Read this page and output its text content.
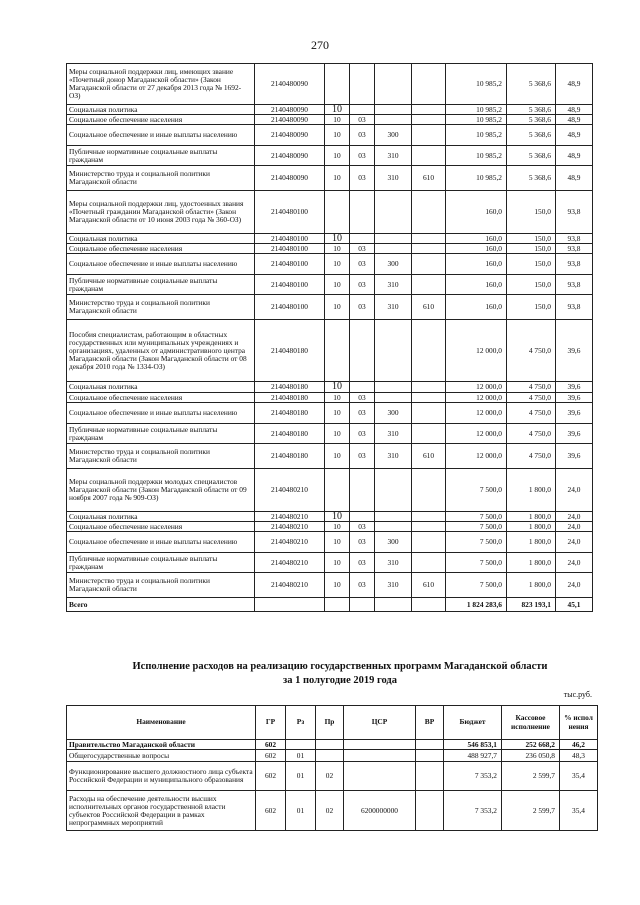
270
Меры социальной поддержки лиц, имеющих звание «Почетный донор Магаданской области» (Закон Магаданской области от 27 декабря 2013 года № 1692-ОЗ)	2140480090					10 985,2	5 368,6	48,9
Социальная политика	2140480090	10				10 985,2	5 368,6	48,9
Социальное обеспечение населения	2140480090	10	03			10 985,2	5 368,6	48,9
Социальное обеспечение и иные выплаты населению	2140480090	10	03	300		10 985,2	5 368,6	48,9
Публичные нормативные социальные выплаты гражданам	2140480090	10	03	310		10 985,2	5 368,6	48,9
Министерство труда и социальной политики Магаданской области	2140480090	10	03	310	610	10 985,2	5 368,6	48,9
Меры социальной поддержки лиц, удостоенных звания «Почетный гражданин Магаданской области» (Закон Магаданской области от 10 июня 2003 года № 360-ОЗ)	2140480100					160,0	150,0	93,8
Социальная политика	2140480100	10				160,0	150,0	93,8
Социальное обеспечение населения	2140480100	10	03			160,0	150,0	93,8
Социальное обеспечение и иные выплаты населению	2140480100	10	03	300		160,0	150,0	93,8
Публичные нормативные социальные выплаты гражданам	2140480100	10	03	310		160,0	150,0	93,8
Министерство труда и социальной политики Магаданской области	2140480100	10	03	310	610	160,0	150,0	93,8
Пособия специалистам, работающим в областных государственных или муниципальных учреждениях и организациях, удаленных от административного центра Магаданской области (Закон Магаданской области от 08 декабря 2010 года № 1334-ОЗ)	2140480180					12 000,0	4 750,0	39,6
Социальная политика	2140480180	10				12 000,0	4 750,0	39,6
Социальное обеспечение населения	2140480180	10	03			12 000,0	4 750,0	39,6
Социальное обеспечение и иные выплаты населению	2140480180	10	03	300		12 000,0	4 750,0	39,6
Публичные нормативные социальные выплаты гражданам	2140480180	10	03	310		12 000,0	4 750,0	39,6
Министерство труда и социальной политики Магаданской области	2140480180	10	03	310	610	12 000,0	4 750,0	39,6
Меры социальной поддержки молодых специалистов Магаданской области (Закон Магаданской области от 09 ноября 2007 года № 909-ОЗ)	2140480210					7 500,0	1 800,0	24,0
Социальная политика	2140480210	10				7 500,0	1 800,0	24,0
Социальное обеспечение населения	2140480210	10	03			7 500,0	1 800,0	24,0
Социальное обеспечение и иные выплаты населению	2140480210	10	03	300		7 500,0	1 800,0	24,0
Публичные нормативные социальные выплаты гражданам	2140480210	10	03	310		7 500,0	1 800,0	24,0
Министерство труда и социальной политики Магаданской области	2140480210	10	03	310	610	7 500,0	1 800,0	24,0
Всего						1 824 283,6	823 193,1	45,1
Исполнение расходов на реализацию государственных программ Магаданской области
за 1 полугодие 2019 года
тыс.руб.
Наименование	ГР	Рз	Пр	ЦСР	ВР	Бюджет	Кассовое исполнение	% испол нения
Правительство Магаданской области	602					546 853,1	252 668,2	46,2
Общегосударственные вопросы	602	01				488 927,7	236 050,8	48,3
Функционирование высшего должностного лица субъекта Российской Федерации и муниципального образования	602	01	02			7 353,2	2 599,7	35,4
Расходы на обеспечение деятельности высших исполнительных органов государственной власти субъектов Российской Федерации в рамках непрограммных мероприятий	602	01	02	6200000000		7 353,2	2 599,7	35,4
